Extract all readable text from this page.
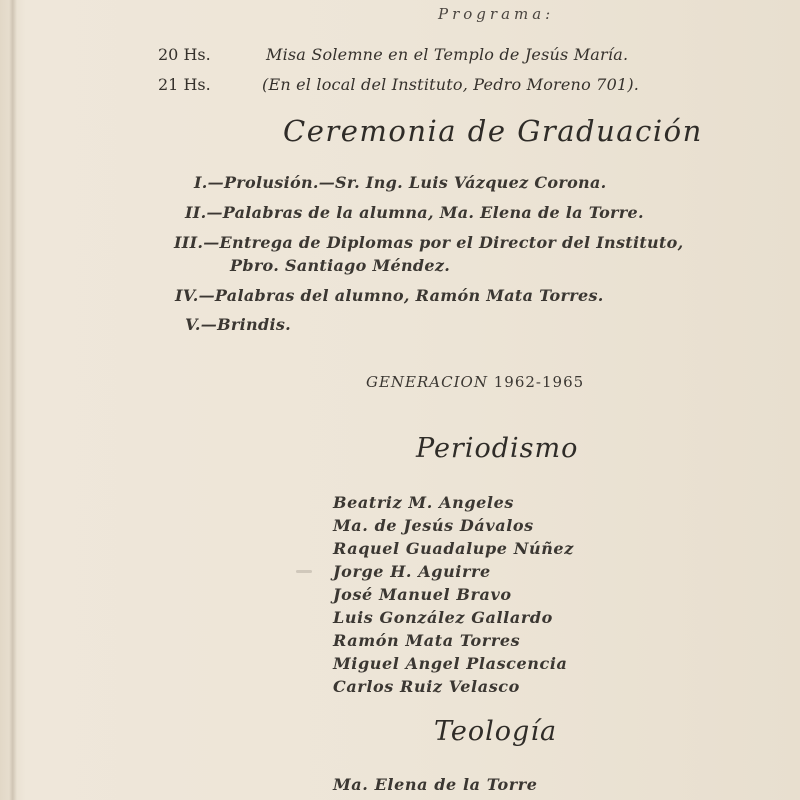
Programa:
20 Hs.	Misa Solemne en el Templo de Jesús María.
21 Hs.	(En el local del Instituto, Pedro Moreno 701).
Ceremonia de Graduación
I.—Prolusión.—Sr. Ing. Luis Vázquez Corona.
II.—Palabras de la alumna, Ma. Elena de la Torre.
III.—Entrega de Diplomas por el Director del Instituto,
Pbro. Santiago Méndez.
IV.—Palabras del alumno, Ramón Mata Torres.
V.—Brindis.
GENERACION 1962-1965
Periodismo
Beatriz M. Angeles
Ma. de Jesús Dávalos
Raquel Guadalupe Núñez
Jorge H. Aguirre
José Manuel Bravo
Luis González Gallardo
Ramón Mata Torres
Miguel Angel Plascencia
Carlos Ruiz Velasco
Teología
Ma. Elena de la Torre
